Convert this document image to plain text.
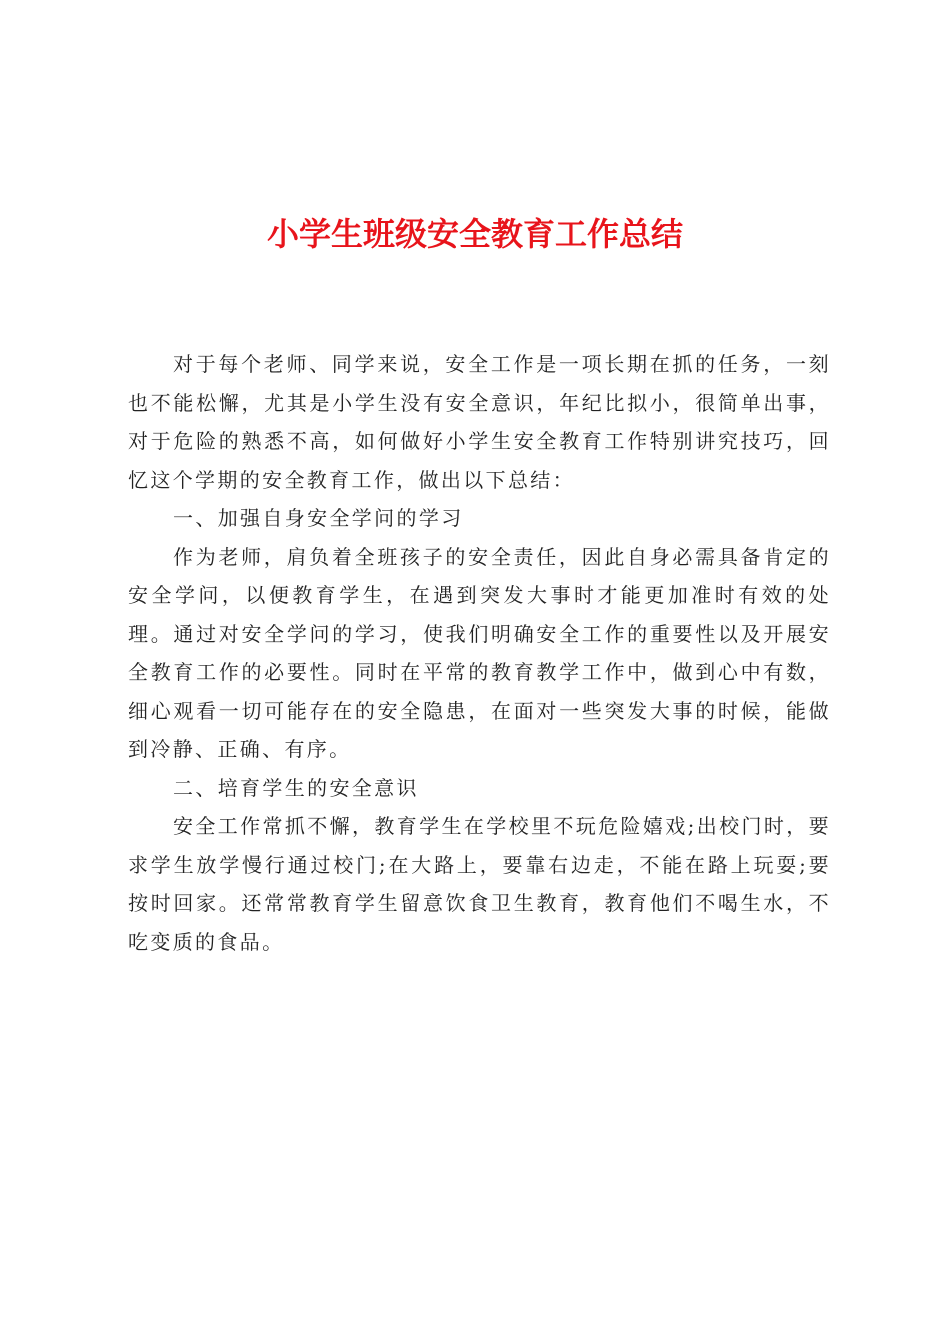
小学生班级安全教育工作总结

对于每个老师、同学来说，安全工作是一项长期在抓的任务，一刻也不能松懈，尤其是小学生没有安全意识，年纪比拟小，很简单出事，对于危险的熟悉不高，如何做好小学生安全教育工作特别讲究技巧，回忆这个学期的安全教育工作，做出以下总结：

一、加强自身安全学问的学习

作为老师，肩负着全班孩子的安全责任，因此自身必需具备肯定的安全学问，以便教育学生，在遇到突发大事时才能更加准时有效的处理。通过对安全学问的学习，使我们明确安全工作的重要性以及开展安全教育工作的必要性。同时在平常的教育教学工作中，做到心中有数，细心观看一切可能存在的安全隐患，在面对一些突发大事的时候，能做到冷静、正确、有序。

二、培育学生的安全意识

安全工作常抓不懈，教育学生在学校里不玩危险嬉戏;出校门时，要求学生放学慢行通过校门;在大路上，要靠右边走，不能在路上玩耍;要按时回家。还常常教育学生留意饮食卫生教育，教育他们不喝生水，不吃变质的食品。
